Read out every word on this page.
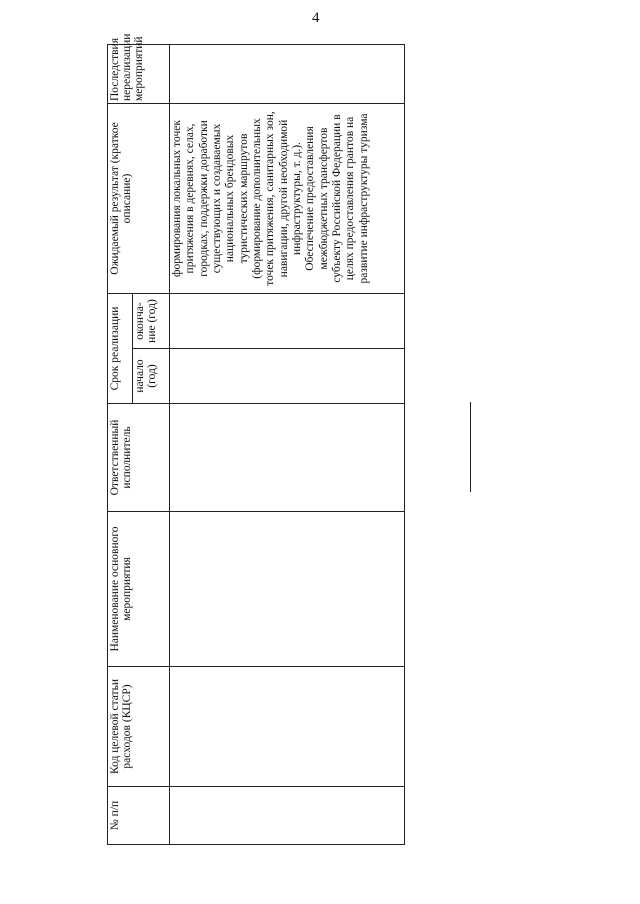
4
№ п/п	Код целевой статьи расходов (КЦСР)	Наименование основного мероприятия	Ответственный исполнитель	Срок реализации		Ожидаемый результат (краткое описание)	Последствия нереализации мероприятий
				начало (год)	оконча-ние (год)		

						формирования локальных точек притяжения в деревнях, селах, городках, поддержки доработки существующих и создаваемых национальных брендовых туристических маршрутов (формирование дополнительных точек притяжения, санитарных зон, навигации, другой необходимой инфраструктуры, т. д.). Обеспечение предоставления межбюджетных трансфертов субъекту Российской Федерации в целях предоставления грантов на развитие инфраструктуры туризма	
